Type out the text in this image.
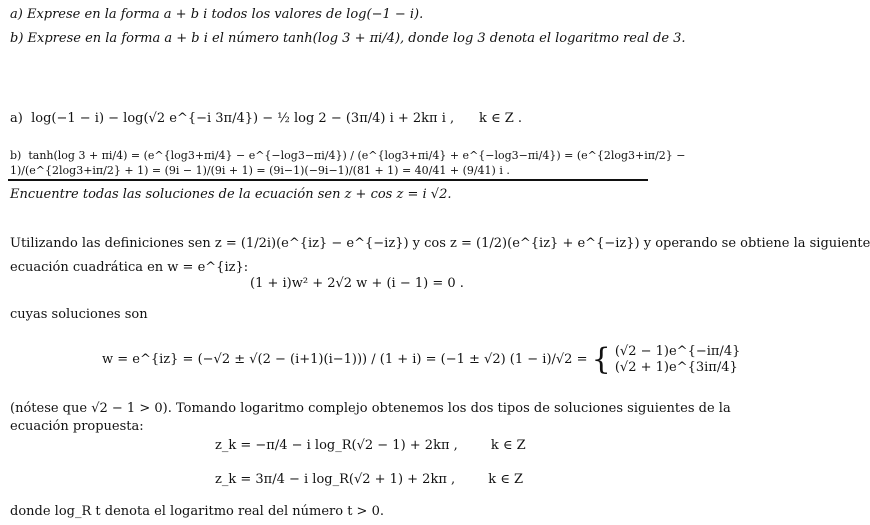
a) Exprese en la forma a + b i todos los valores de log(−1 − i).
b) Exprese en la forma a + b i el número tanh(log 3 + πi/4), donde log 3 denota el logaritmo real de 3.
a) log(−1 − i) − log(√2 e^{−i 3π/4}) − ½ log 2 − (3π/4) i + 2kπ i , k ∈ Z .
b) tanh(log 3 + πi/4) = (e^{log3+πi/4} − e^{−log3−πi/4}) / (e^{log3+πi/4} + e^{−log3−πi/4}) = (e^{2log3+iπ/2} − 1)/(e^{2log3+iπ/2} + 1) = (9i − 1)/(9i + 1) = (9i−1)(−9i−1)/(81 + 1) = 40/41 + (9/41) i .
Encuentre todas las soluciones de la ecuación sen z + cos z = i √2.
Utilizando las definiciones sen z = (1/2i)(e^{iz} − e^{−iz}) y cos z = (1/2)(e^{iz} + e^{−iz}) y operando se obtiene la siguiente
ecuación cuadrática en w = e^{iz}:
(1 + i)w² + 2√2 w + (i − 1) = 0 .
cuyas soluciones son
w = e^{iz} = (−√2 ± √(2 − (i+1)(i−1))) / (1 + i) = (−1 ± √2) (1 − i)/√2 = { (√2 − 1)e^{−iπ/4}
(√2 + 1)e^{3iπ/4}
(nótese que √2 − 1 > 0). Tomando logaritmo complejo obtenemos los dos tipos de soluciones siguientes de la
ecuación propuesta:
z_k = −π/4 − i log_R(√2 − 1) + 2kπ ,	k ∈ Z
z_k = 3π/4 − i log_R(√2 + 1) + 2kπ ,	k ∈ Z
donde log_R t denota el logaritmo real del número t > 0.
